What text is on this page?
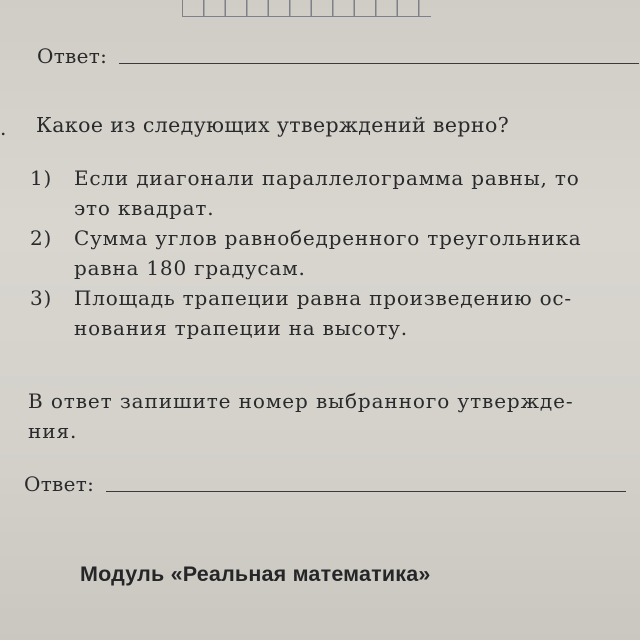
Ответ:
. Какое из следующих утверждений верно?
1)	Если диагонали параллелограмма равны, то
это квадрат.
2)	Сумма углов равнобедренного треугольника
равна 180 градусам.
3)	Площадь трапеции равна произведению ос-
нования трапеции на высоту.
В ответ запишите номер выбранного утвержде-
ния.
Ответ:
Модуль «Реальная математика»
